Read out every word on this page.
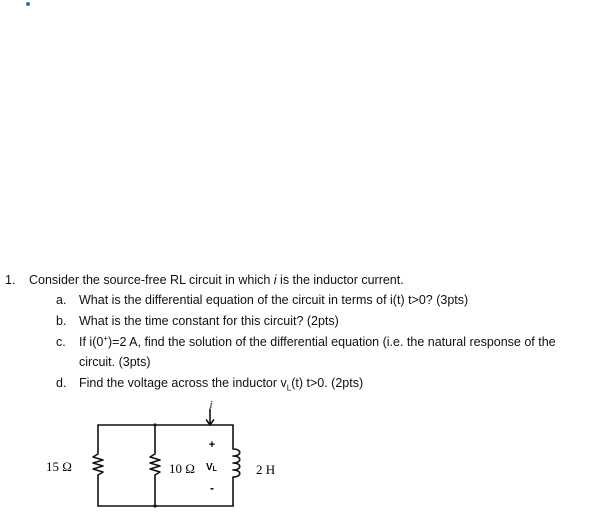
1. Consider the source-free RL circuit in which i is the inductor current.
a. What is the differential equation of the circuit in terms of i(t) t>0? (3pts)
b. What is the time constant for this circuit? (2pts)
c. If i(0+)=2 A, find the solution of the differential equation (i.e. the natural response of the
circuit. (3pts)
d. Find the voltage across the inductor $v_L(t)$ t>0. (2pts)
i
15 Ω	10 Ω
+
VL
-
2 H
